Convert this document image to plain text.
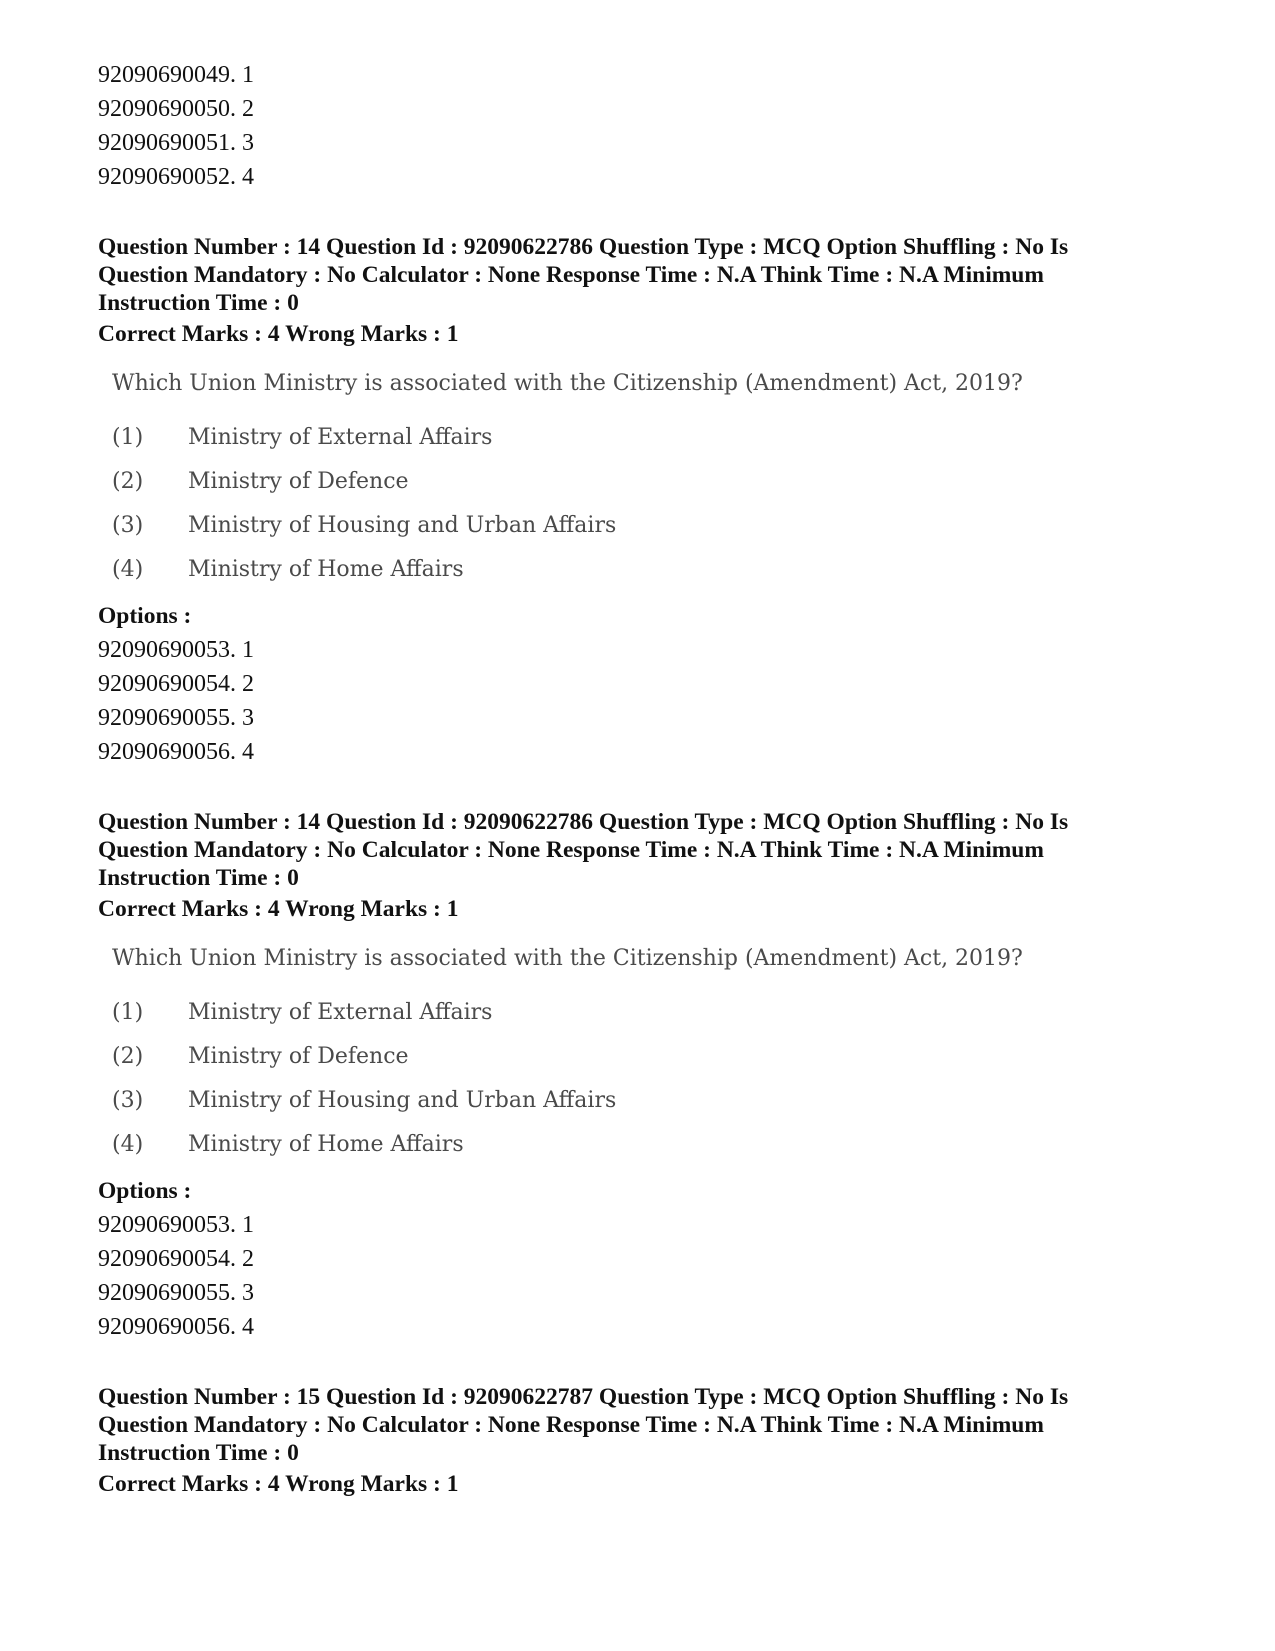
92090690049. 1
92090690050. 2
92090690051. 3
92090690052. 4
Question Number : 14 Question Id : 92090622786 Question Type : MCQ Option Shuffling : No Is
Question Mandatory : No Calculator : None Response Time : N.A Think Time : N.A Minimum
Instruction Time : 0
Correct Marks : 4 Wrong Marks : 1
Which Union Ministry is associated with the Citizenship (Amendment) Act, 2019?
(1)	Ministry of External Affairs
(2)	Ministry of Defence
(3)	Ministry of Housing and Urban Affairs
(4)	Ministry of Home Affairs
Options :
92090690053. 1
92090690054. 2
92090690055. 3
92090690056. 4
Question Number : 14 Question Id : 92090622786 Question Type : MCQ Option Shuffling : No Is
Question Mandatory : No Calculator : None Response Time : N.A Think Time : N.A Minimum
Instruction Time : 0
Correct Marks : 4 Wrong Marks : 1
Which Union Ministry is associated with the Citizenship (Amendment) Act, 2019?
(1)	Ministry of External Affairs
(2)	Ministry of Defence
(3)	Ministry of Housing and Urban Affairs
(4)	Ministry of Home Affairs
Options :
92090690053. 1
92090690054. 2
92090690055. 3
92090690056. 4
Question Number : 15 Question Id : 92090622787 Question Type : MCQ Option Shuffling : No Is
Question Mandatory : No Calculator : None Response Time : N.A Think Time : N.A Minimum
Instruction Time : 0
Correct Marks : 4 Wrong Marks : 1
